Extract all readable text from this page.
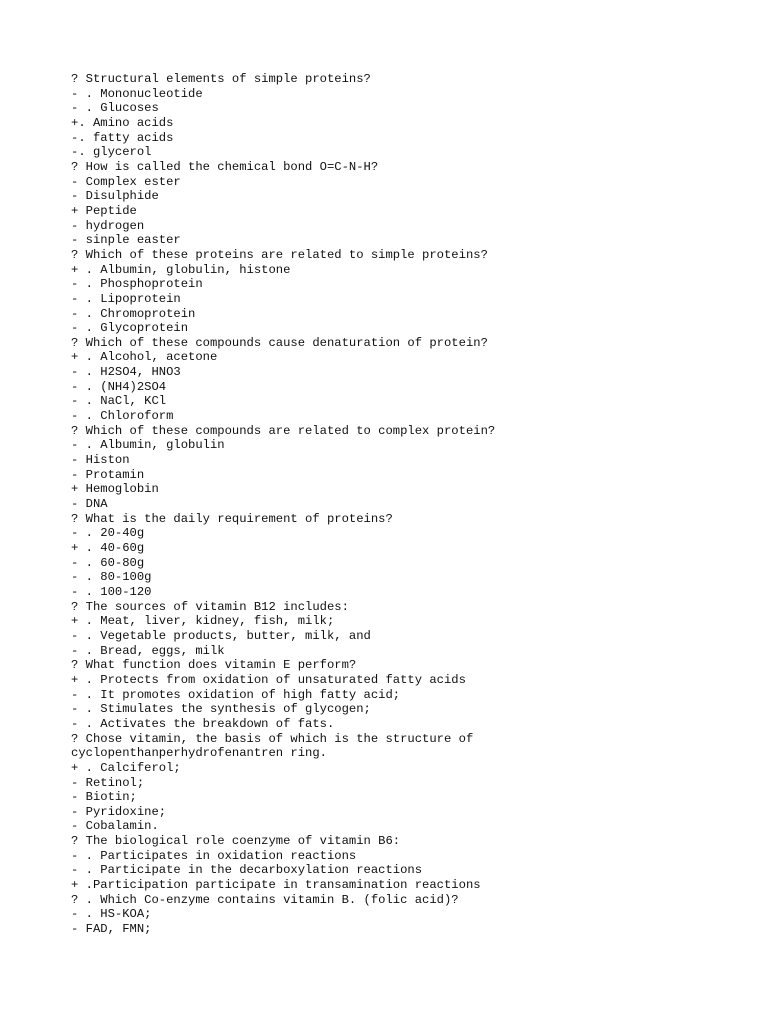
? Structural elements of simple proteins?
- . Mononucleotide
- . Glucoses
+. Amino acids
-. fatty acids
-. glycerol
? How is called the chemical bond O=C-N-H?
- Complex ester
- Disulphide
+ Peptide
- hydrogen
- sinple easter
? Which of these proteins are related to simple proteins?
+ . Albumin, globulin, histone
- . Phosphoprotein
- . Lipoprotein
- . Chromoprotein
- . Glycoprotein
? Which of these compounds cause denaturation of protein?
+ . Alcohol, acetone
- . H2SO4, HNO3
- . (NH4)2SO4
- . NaCl, KCl
- . Chloroform
? Which of these compounds are related to complex protein?
- . Albumin, globulin
- Histon
- Protamin
+ Hemoglobin
- DNA
? What is the daily requirement of proteins?
- . 20-40g
+ . 40-60g
- . 60-80g
- . 80-100g
- . 100-120
? The sources of vitamin B12 includes:
+ . Meat, liver, kidney, fish, milk;
- . Vegetable products, butter, milk, and
- . Bread, eggs, milk
? What function does vitamin E perform?
+ . Protects from oxidation of unsaturated fatty acids
- . It promotes oxidation of high fatty acid;
- . Stimulates the synthesis of glycogen;
- . Activates the breakdown of fats.
? Chose vitamin, the basis of which is the structure of
cyclopenthanperhydrofenantren ring.
+ . Calciferol;
- Retinol;
- Biotin;
- Pyridoxine;
- Cobalamin.
? The biological role coenzyme of vitamin B6:
- . Participates in oxidation reactions
- . Participate in the decarboxylation reactions
+ .Participation participate in transamination reactions
? . Which Co-enzyme contains vitamin B. (folic acid)?
- . HS-KOA;
- FAD, FMN;
